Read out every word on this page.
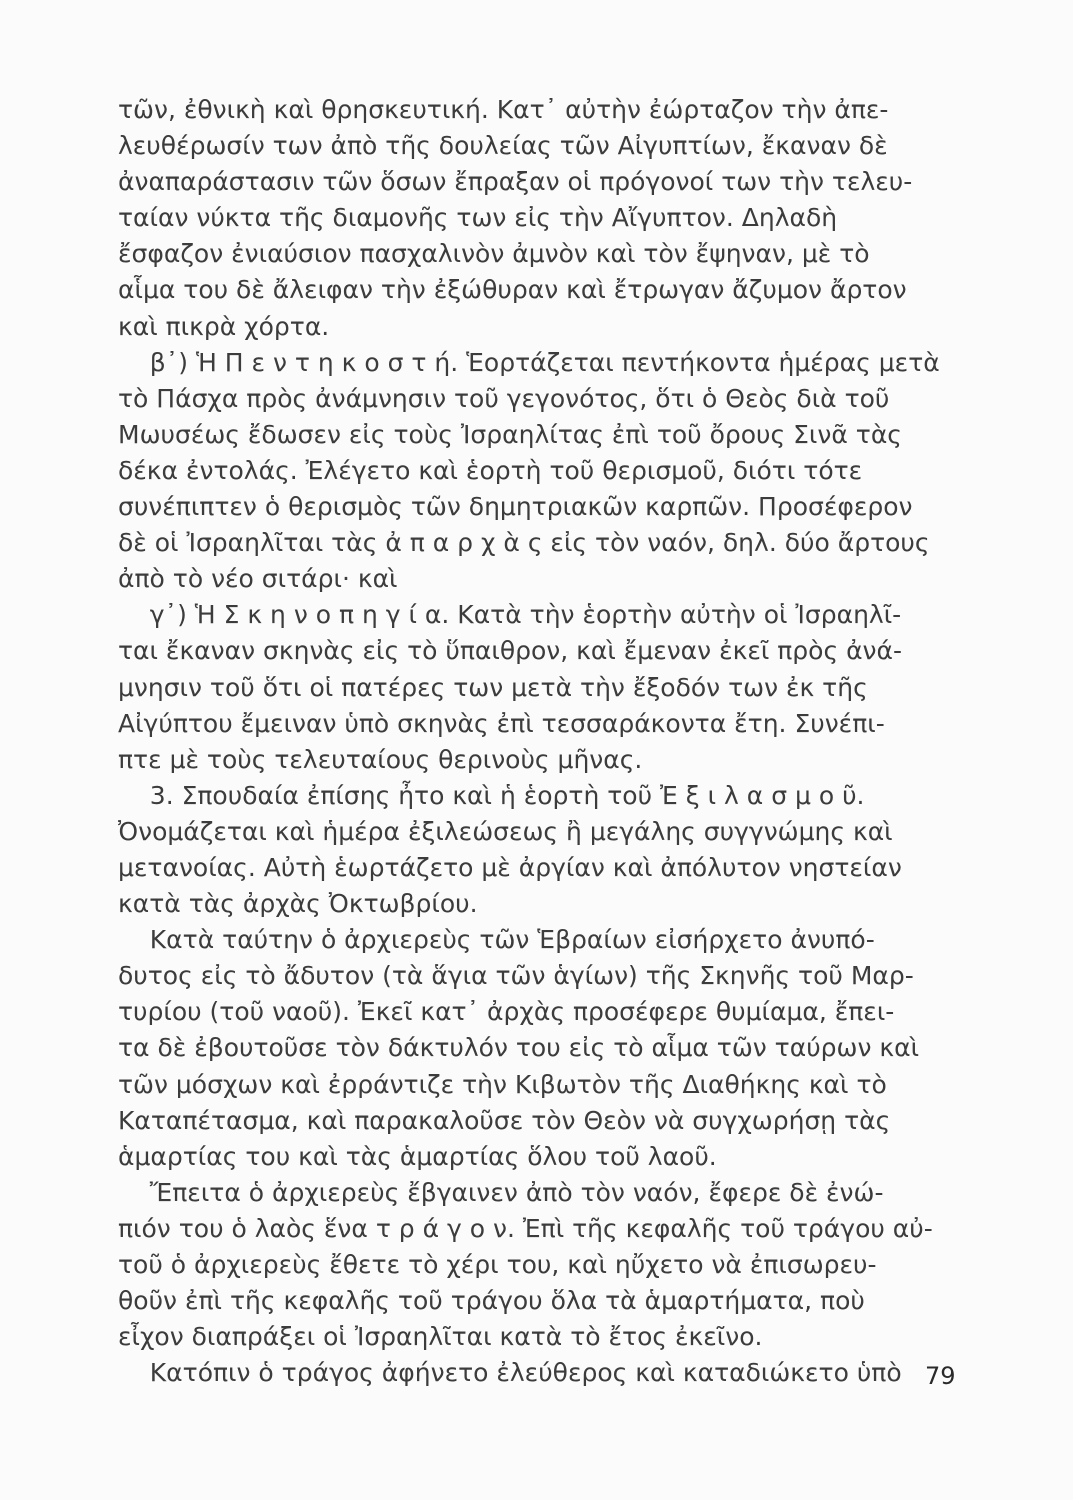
τῶν, ἐθνικὴ καὶ θρησκευτική. Κατ᾽ αὐτὴν ἐώρταζον τὴν ἀπε-
λευθέρωσίν των ἀπὸ τῆς δουλείας τῶν Αἰγυπτίων, ἔκαναν δὲ
ἀναπαράστασιν τῶν ὅσων ἔπραξαν οἱ πρόγονοί των τὴν τελευ-
ταίαν νύκτα τῆς διαμονῆς των εἰς τὴν Αἴγυπτον. Δηλαδὴ
ἔσφαζον ἐνιαύσιον πασχαλινὸν ἀμνὸν καὶ τὸν ἔψηναν, μὲ τὸ
αἷμα του δὲ ἄλειφαν τὴν ἐξώθυραν καὶ ἔτρωγαν ἄζυμον ἄρτον
καὶ πικρὰ χόρτα.
β᾽) Ἡ Π ε ν τ η κ ο σ τ ή. Ἑορτάζεται πεντήκοντα ἡμέρας μετὰ
τὸ Πάσχα πρὸς ἀνάμνησιν τοῦ γεγονότος, ὅτι ὁ Θεὸς διὰ τοῦ
Μωυσέως ἔδωσεν εἰς τοὺς Ἰσραηλίτας ἐπὶ τοῦ ὄρους Σινᾶ τὰς
δέκα ἐντολάς. Ἐλέγετο καὶ ἑορτὴ τοῦ θερισμοῦ, διότι τότε
συνέπιπτεν ὁ θερισμὸς τῶν δημητριακῶν καρπῶν. Προσέφερον
δὲ οἱ Ἰσραηλῖται τὰς ἀ π α ρ χ ὰ ς εἰς τὸν ναόν, δηλ. δύο ἄρτους
ἀπὸ τὸ νέο σιτάρι· καὶ
γ᾽) Ἡ Σ κ η ν ο π η γ ί α. Κατὰ τὴν ἑορτὴν αὐτὴν οἱ Ἰσραηλῖ-
ται ἔκαναν σκηνὰς εἰς τὸ ὕπαιθρον, καὶ ἔμεναν ἐκεῖ πρὸς ἀνά-
μνησιν τοῦ ὅτι οἱ πατέρες των μετὰ τὴν ἔξοδόν των ἐκ τῆς
Αἰγύπτου ἔμειναν ὑπὸ σκηνὰς ἐπὶ τεσσαράκοντα ἔτη. Συνέπι-
πτε μὲ τοὺς τελευταίους θερινοὺς μῆνας.
3. Σπουδαία ἐπίσης ἦτο καὶ ἡ ἑορτὴ τοῦ Ἐ ξ ι λ α σ μ ο ῦ.
Ὀνομάζεται καὶ ἡμέρα ἐξιλεώσεως ἢ μεγάλης συγγνώμης καὶ
μετανοίας. Αὐτὴ ἑωρτάζετο μὲ ἀργίαν καὶ ἀπόλυτον νηστείαν
κατὰ τὰς ἀρχὰς Ὀκτωβρίου.
Κατὰ ταύτην ὁ ἀρχιερεὺς τῶν Ἑβραίων εἰσήρχετο ἀνυπό-
δυτος εἰς τὸ ἄδυτον (τὰ ἅγια τῶν ἁγίων) τῆς Σκηνῆς τοῦ Μαρ-
τυρίου (τοῦ ναοῦ). Ἐκεῖ κατ᾽ ἀρχὰς προσέφερε θυμίαμα, ἔπει-
τα δὲ ἐβουτοῦσε τὸν δάκτυλόν του εἰς τὸ αἷμα τῶν ταύρων καὶ
τῶν μόσχων καὶ ἐρράντιζε τὴν Κιβωτὸν τῆς Διαθήκης καὶ τὸ
Καταπέτασμα, καὶ παρακαλοῦσε τὸν Θεὸν νὰ συγχωρήσῃ τὰς
ἁμαρτίας του καὶ τὰς ἁμαρτίας ὅλου τοῦ λαοῦ.
Ἔπειτα ὁ ἀρχιερεὺς ἔβγαινεν ἀπὸ τὸν ναόν, ἔφερε δὲ ἐνώ-
πιόν του ὁ λαὸς ἕνα τ ρ ά γ ο ν. Ἐπὶ τῆς κεφαλῆς τοῦ τράγου αὐ-
τοῦ ὁ ἀρχιερεὺς ἔθετε τὸ χέρι του, καὶ ηὔχετο νὰ ἐπισωρευ-
θοῦν ἐπὶ τῆς κεφαλῆς τοῦ τράγου ὅλα τὰ ἁμαρτήματα, ποὺ
εἶχον διαπράξει οἱ Ἰσραηλῖται κατὰ τὸ ἔτος ἐκεῖνο.
Κατόπιν ὁ τράγος ἀφήνετο ἐλεύθερος καὶ καταδιώκετο ὑπὸ 79
